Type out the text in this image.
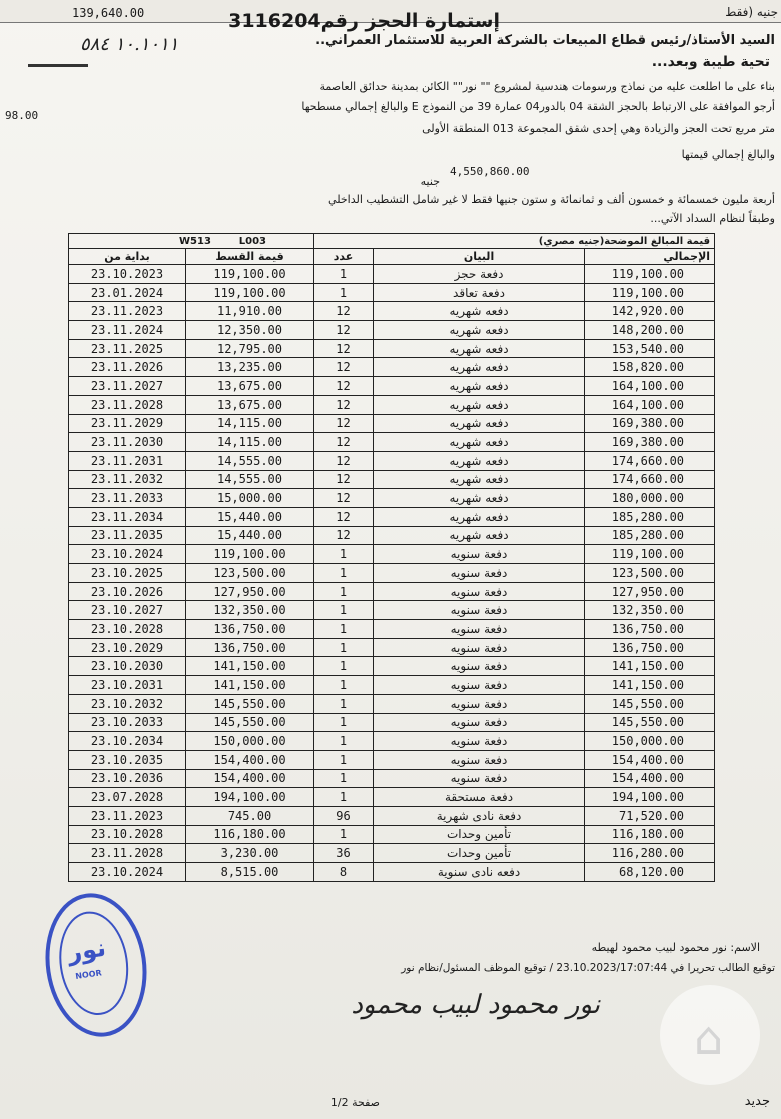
139,640.00	جنيه (فقط
إستمارة الحجز رقم3116204
السيد الأستاذ/رئيس قطاع المبيعات بالشركة العربية للاستثمار العمراني..
١٠.١٠١١ ٥٨٤
تحية طيبة وبعد...
بناء على ما اطلعت عليه من نماذج ورسومات هندسية لمشروع "" نور"" الكائن بمدينة حدائق العاصمة
أرجو الموافقة على الارتباط بالحجز الشقة 04 بالدور04 عمارة 39 من النموذج E والبالغ إجمالي مسطحها
98.00
متر مربع تحت العجز والزيادة وهي إحدى شقق المجموعة 013 المنطقة الأولى
والبالغ إجمالي قيمتها
4,550,860.00
جنيه
أربعة مليون خمسمائة و خمسون ألف و ثمانمائة و ستون جنيها فقط لا غير شامل التشطيب الداخلي
وطبقاً لنظام السداد الآتي...
W513 L003		قيمة المبالغ الموضحة(جنيه مصري)		
بداية من	قيمة القسط	عدد	البيان	الإجمالي
23.10.2023	119,100.00	1	دفعة حجز	119,100.00
23.01.2024	119,100.00	1	دفعة تعاقد	119,100.00
23.11.2023	11,910.00	12	دفعه شهريه	142,920.00
23.11.2024	12,350.00	12	دفعه شهريه	148,200.00
23.11.2025	12,795.00	12	دفعه شهريه	153,540.00
23.11.2026	13,235.00	12	دفعه شهريه	158,820.00
23.11.2027	13,675.00	12	دفعه شهريه	164,100.00
23.11.2028	13,675.00	12	دفعه شهريه	164,100.00
23.11.2029	14,115.00	12	دفعه شهريه	169,380.00
23.11.2030	14,115.00	12	دفعه شهريه	169,380.00
23.11.2031	14,555.00	12	دفعه شهريه	174,660.00
23.11.2032	14,555.00	12	دفعه شهريه	174,660.00
23.11.2033	15,000.00	12	دفعه شهريه	180,000.00
23.11.2034	15,440.00	12	دفعه شهريه	185,280.00
23.11.2035	15,440.00	12	دفعه شهريه	185,280.00
23.10.2024	119,100.00	1	دفعة سنويه	119,100.00
23.10.2025	123,500.00	1	دفعة سنويه	123,500.00
23.10.2026	127,950.00	1	دفعة سنويه	127,950.00
23.10.2027	132,350.00	1	دفعة سنويه	132,350.00
23.10.2028	136,750.00	1	دفعة سنويه	136,750.00
23.10.2029	136,750.00	1	دفعة سنويه	136,750.00
23.10.2030	141,150.00	1	دفعة سنويه	141,150.00
23.10.2031	141,150.00	1	دفعة سنويه	141,150.00
23.10.2032	145,550.00	1	دفعة سنويه	145,550.00
23.10.2033	145,550.00	1	دفعة سنويه	145,550.00
23.10.2034	150,000.00	1	دفعة سنويه	150,000.00
23.10.2035	154,400.00	1	دفعة سنويه	154,400.00
23.10.2036	154,400.00	1	دفعة سنويه	154,400.00
23.07.2028	194,100.00	1	دفعة مستحقة	194,100.00
23.11.2023	745.00	96	دفعة نادى شهرية	71,520.00
23.10.2028	116,180.00	1	تأمين وحدات	116,180.00
23.11.2028	3,230.00	36	تأمين وحدات	116,280.00
23.10.2024	8,515.00	8	دفعه نادى سنوية	68,120.00
الاسم: نور محمود لبيب محمود لهيطه
توقيع الطالب تحريرا في 23.10.2023/17:07:44 / توقيع الموظف المسئول/نظام نور
نور محمود لبيب محمود
صفحة 1/2	جديد
نور
NOOR
⌂
